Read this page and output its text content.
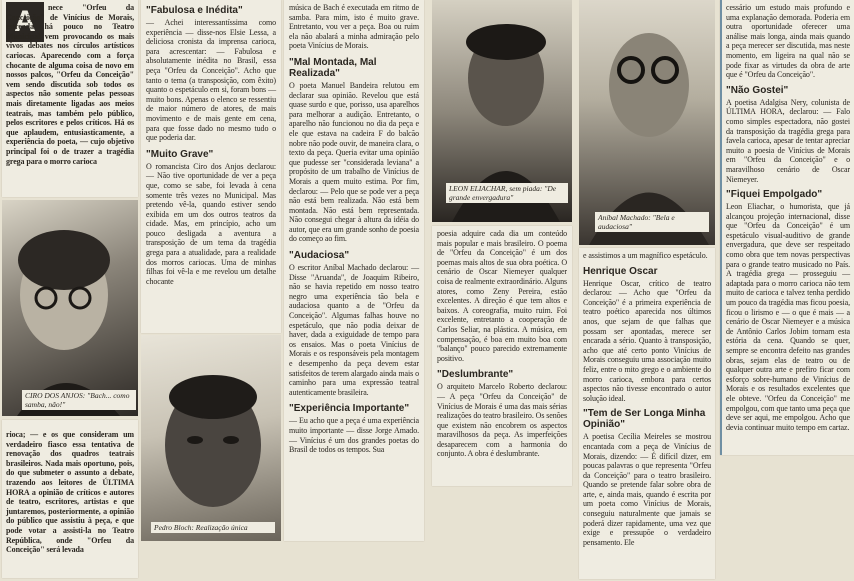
A	nece "Orfeu da Conceição" de Vinícius de Morais, estreada há pouco no Teatro Municipal vem provocando os mais vivos debates nos círculos artísticos cariocas. Aparecendo com a força chocante de alguma coisa de novo em nossos palcos, "Orfeu da Conceição" vem sendo discutida sob todos os aspectos não somente pelas pessoas mais diretamente ligadas aos meios teatrais, mas também pelo público, pelos escritores e pelos críticos. Há os que aplaudem, entusiasticamente, a experiência do poeta, — cujo objetivo principal foi o de trazer a tragédia grega para o morro carioca
CIRO DOS ANJOS: "Bach... como samba, não!"
rioca; — e os que consideram um verdadeiro fiasco essa tentativa de renovação dos quadros teatrais brasileiros. Nada mais oportuno, pois, do que submeter o assunto a debate, trazendo aos leitores de ÚLTIMA HORA a opinião de críticos e autores de teatro, escritores, artistas e que juntaremos, posteriormente, a opinião do público que assistiu à peça, e que pode votar a assisti-la no Teatro República, onde "Orfeu da Conceição" será levada
"Fabulosa e Inédita"
— Achei interessantíssima como experiência — disse-nos Elsie Lessa, a deliciosa cronista da imprensa carioca, para acrescentar: — Fabulosa e absolutamente inédita no Brasil, essa peça "Orfeu da Conceição". Acho que tanto o tema (a transposição, com êxito) quanto o espetáculo em si, foram bons — muito bons. Apenas o elenco se ressentiu de maior número de atores, de mais movimento e de mais gente em cena, para que fosse dado no mesmo tudo o que poderia dar.
"Muito Grave"
O romancista Ciro dos Anjos declarou: — Não tive oportunidade de ver a peça que, como se sabe, foi levada à cena somente três vezes no Municipal. Mas pretendo vê-la, quando estiver sendo exibida em um dos outros teatros da cidade. Mas, em princípio, acho um pouco desligada a aventura a transposição de um tema da tragédia grega para a atualidade, para a realidade dos morros cariocas. Uma de minhas filhas foi vê-la e me revelou um detalhe chocante
Pedro Bloch: Realização única
música de Bach é executada em ritmo de samba. Para mim, isto é muito grave. Entretanto, vou ver a peça. Boa ou ruim ela não abalará a minha admiração pelo poeta Vinícius de Morais.
"Mal Montada, Mal Realizada"
O poeta Manuel Bandeira relutou em declarar sua opinião. Revelou que está quase surdo e que, porisso, usa aparelhos para melhorar a audição. Entretanto, o aparelho não funcionou no dia da peça e ele que estava na cadeira F do balcão nobre não pode ouvir, de maneira clara, o texto da peça. Queria evitar uma opinião que pudesse ser "considerada leviana" a propósito de um trabalho de Vinícius de Morais a quem muito estima. Por fim, declarou: — Pelo que se pode ver a peça não está bem realizada. Não está bem montada. Não está bem representada. Não consegui chegar à altura da idéia do autor, que era um grande sonho de poesia do começo ao fim.
"Audaciosa"
O escritor Aníbal Machado declarou: — Disse "Aruanda", de Joaquim Ribeiro, não se havia repetido em nosso teatro negro uma experiência tão bela e audaciosa quanto a de "Orfeu da Conceição". Algumas falhas houve no espetáculo, que não podia deixar de haver, dada a exiguidade de tempo para os ensaios. Mas o poeta Vinícius de Morais e os responsáveis pela montagem e desempenho da peça devem estar satisfeitos de terem alargado ainda mais o caminho para uma expressão teatral autenticamente brasileira.
"Experiência Importante"
— Eu acho que a peça é uma experiência muito importante — disse Jorge Amado. — Vinícius é um dos grandes poetas do Brasil de todos os tempos. Sua
LEON ELIACHAR, sem piada: "De grande envergadura"
poesia adquire cada dia um conteúdo mais popular e mais brasileiro. O poema de "Orfeu da Conceição" é um dos poemas mais altos de sua obra poética. O cenário de Oscar Niemeyer qualquer coisa de realmente extraordinário. Alguns atores, como Zeny Pereira, estão excelentes. A direção é que tem altos e baixos. A coreografia, muito ruim. Foi excelente, entretanto a cooperação de Carlos Seliar, na plástica. A música, em compensação, é boa em muito boa com "balanço" pouco parecido extremamente positivo.
"Deslumbrante"
O arquiteto Marcelo Roberto declarou: — A peça "Orfeu da Conceição" de Vinícius de Morais é uma das mais sérias realizações do teatro brasileiro. Os senões que existem não encobrem os aspectos maravilhosos da peça. As imperfeições desaparecem com a harmonia do conjunto. A obra é deslumbrante.
Aníbal Machado: "Bela e audaciosa"
e assistimos a um magnífico espetáculo.
Henrique Oscar
Henrique Oscar, crítico de teatro declarou: — Acho que "Orfeu da Conceição" é a primeira experiência de teatro poético aparecida nos últimos anos, que sejam de que falhas que possam ser apontadas, merece ser encarada a sério. Quanto à transposição, acho que até certo ponto Vinícius de Morais conseguiu uma associação muito feliz, entre o mito grego e o ambiente do morro carioca, embora para certos aspectos não tivesse encontrado o autor solução ideal.
"Tem de Ser Longa Minha Opinião"
A poetisa Cecília Meireles se mostrou encantada com a peça de Vinícius de Morais, dizendo: — É difícil dizer, em poucas palavras o que representa "Orfeu da Conceição" para o teatro brasileiro. Quando se pretende falar sobre obra de arte, e, ainda mais, quando é escrita por um poeta como Vinícius de Morais, conseguiu naturalmente que jamais se poderá dizer rapidamente, uma vez que exige e pressupõe o verdadeiro pensamento. Ele
cessário um estudo mais profundo e uma explanação demorada. Poderia em outra oportunidade oferecer uma análise mais longa, ainda mais quando a peça merecer ser discutida, mas neste momento, em ligeira na qual não se pode fixar as virtudes da obra de arte que é "Orfeu da Conceição".
"Não Gostei"
A poetisa Adalgisa Nery, colunista de ÚLTIMA HORA, declarou: — Falo como simples espectadora, não gostei da transposição da tragédia grega para favela carioca, apesar de tentar apreciar muito a poesia de Vinícius de Morais em "Orfeu da Conceição" e o maravilhoso cenário de Oscar Niemeyer.
"Fiquei Empolgado"
Leon Eliachar, o humorista, que já alcançou projeção internacional, disse que "Orfeu da Conceição" é um espetáculo visual-auditivo de grande envergadura, que deve ser respeitado como obra que tem novas perspectivas para o grande teatro musicado no País. A tragédia grega — prosseguiu — adaptada para o morro carioca não tem muito de carioca e talvez tenha perdido um pouco da tragédia mas ficou poesia, ficou o lirismo e — o que é mais — a cenário de Oscar Niemeyer e a música de Antônio Carlos Jobim tornam esta estória da cena. Quando se quer, sempre se encontra defeito nas grandes obras, sejam elas de teatro ou de qualquer outra arte e prefiro ficar com esforço sobre-humano de Vinícius de Morais e os resultados excelentes que ele obteve. "Orfeu da Conceição" me empolgou, com que tanto uma peça que deve ser aqui, me empolgou. Acho que devia continuar muito tempo em cartaz.
